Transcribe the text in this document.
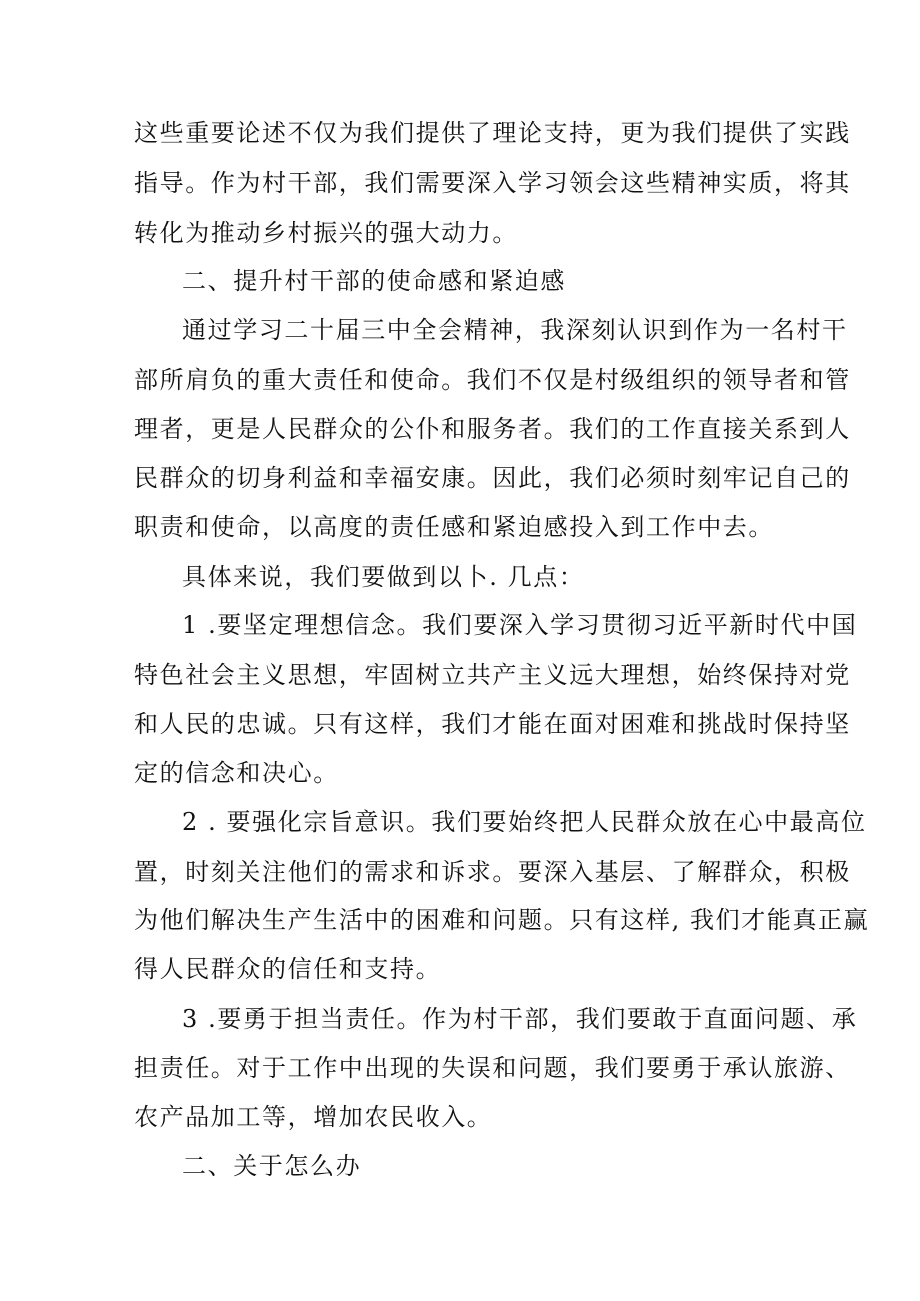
这些重要论述不仅为我们提供了理论支持，更为我们提供了实践
指导。作为村干部，我们需要深入学习领会这些精神实质，将其
转化为推动乡村振兴的强大动力。
二、提升村干部的使命感和紧迫感
通过学习二十届三中全会精神，我深刻认识到作为一名村干
部所肩负的重大责任和使命。我们不仅是村级组织的领导者和管
理者，更是人民群众的公仆和服务者。我们的工作直接关系到人
民群众的切身利益和幸福安康。因此，我们必须时刻牢记自己的
职责和使命，以高度的责任感和紧迫感投入到工作中去。
具体来说，我们要做到以卜. 几点：
1 .要坚定理想信念。我们要深入学习贯彻习近平新时代中国
特色社会主义思想，牢固树立共产主义远大理想，始终保持对党
和人民的忠诚。只有这样，我们才能在面对困难和挑战时保持坚
定的信念和决心。
2 . 要强化宗旨意识。我们要始终把人民群众放在心中最高位
置，时刻关注他们的需求和诉求。要深入基层、了解群众，积极
为他们解决生产生活中的困难和问题。只有这样, 我们才能真正赢
得人民群众的信任和支持。
3 .要勇于担当责任。作为村干部，我们要敢于直面问题、承
担责任。对于工作中出现的失误和问题，我们要勇于承认旅游、
农产品加工等，增加农民收入。
二、关于怎么办
